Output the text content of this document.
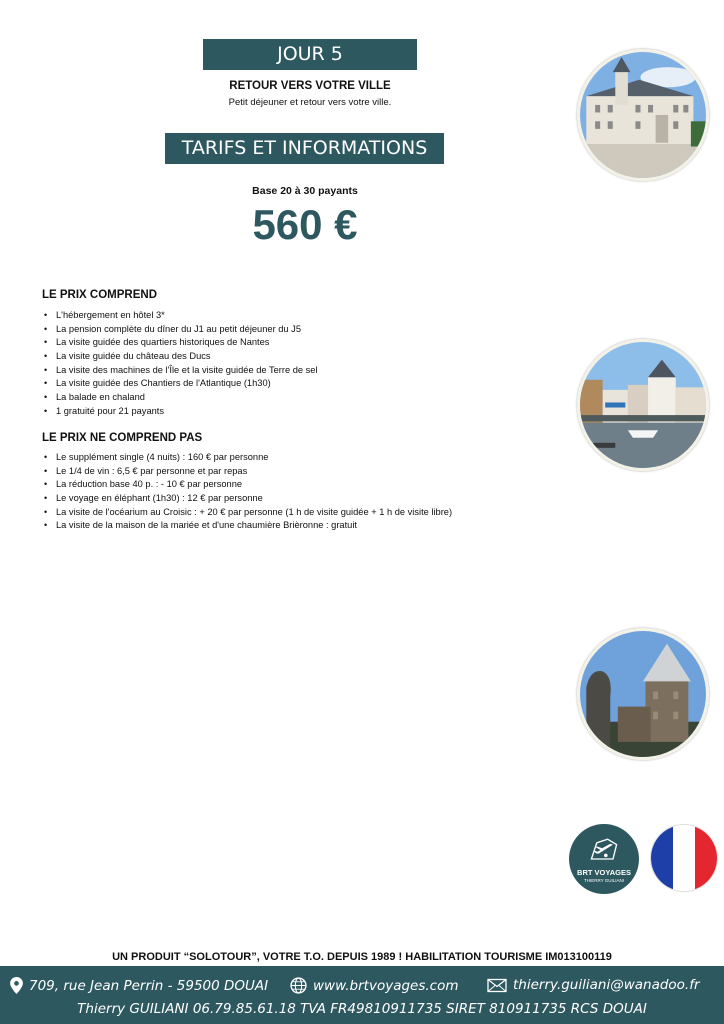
JOUR 5
RETOUR VERS VOTRE VILLE
Petit déjeuner et retour vers votre ville.
TARIFS ET INFORMATIONS
Base 20 à 30 payants
560 €
LE PRIX COMPREND
• L'hébergement en hôtel 3*
• La pension complète du dîner du J1 au petit déjeuner du J5
• La visite guidée des quartiers historiques de Nantes
• La visite guidée du château des Ducs
• La visite des machines de l'Île et la visite guidée de Terre de sel
• La visite guidée des Chantiers de l'Atlantique (1h30)
• La balade en chaland
• 1 gratuité pour 21 payants
LE PRIX NE COMPREND PAS
• Le supplément single (4 nuits) : 160 € par personne
• Le 1/4 de vin : 6,5 € par personne et par repas
• La réduction base 40 p. : - 10 € par personne
• Le voyage en éléphant (1h30) : 12 € par personne
• La visite de l'océarium au Croisic : + 20 € par personne (1 h de visite guidée + 1 h de visite libre)
• La visite de la maison de la mariée et d'une chaumière Brièronne : gratuit
BRT VOYAGES
THIERRY GUILIANI
UN PRODUIT “SOLOTOUR”, VOTRE T.O. DEPUIS 1989 ! HABILITATION TOURISME IM013100119
709, rue Jean Perrin - 59500 DOUAI	www.brtvoyages.com	thierry.guiliani@wanadoo.fr
Thierry GUILIANI 06.79.85.61.18 TVA FR49810911735 SIRET 810911735 RCS DOUAI
